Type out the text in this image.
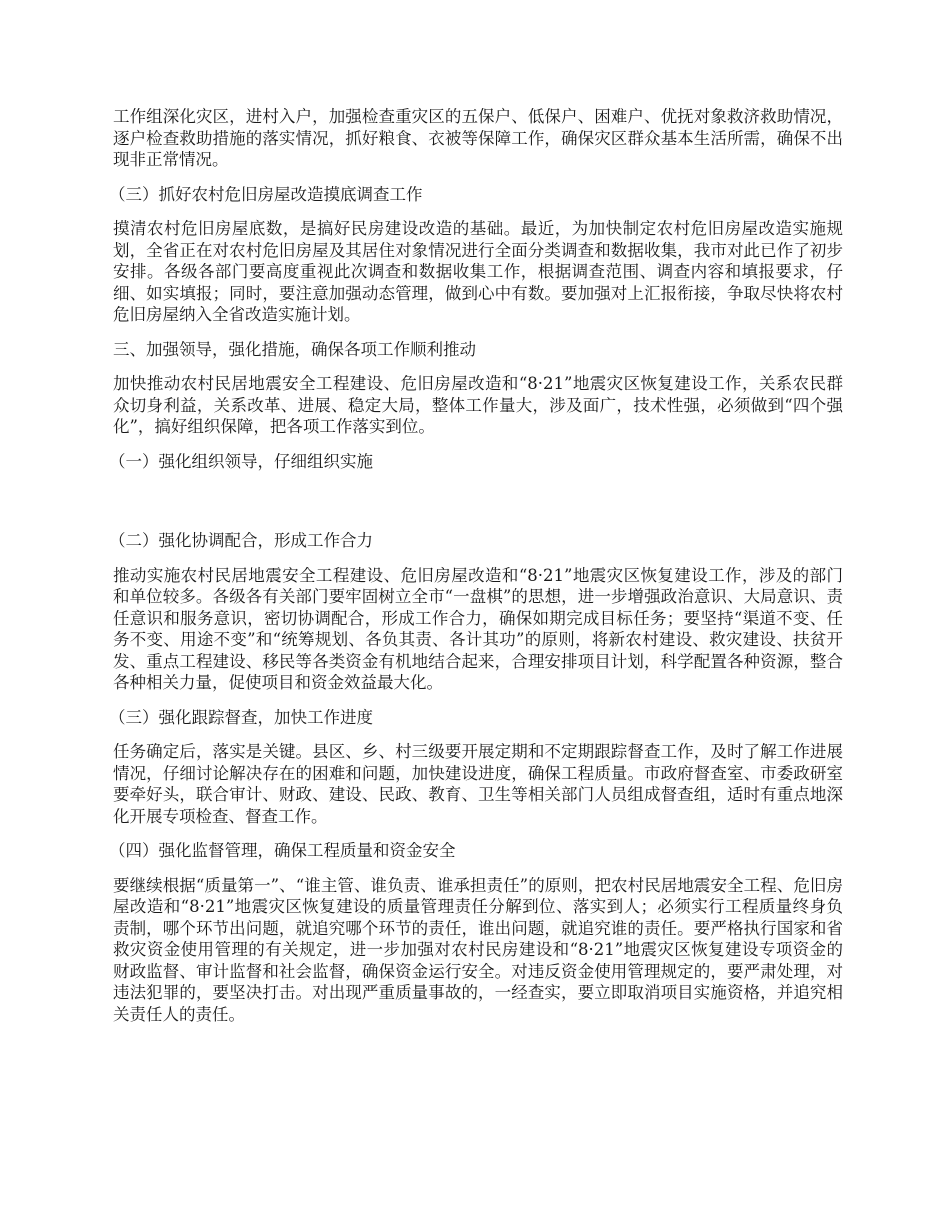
工作组深化灾区，进村入户，加强检查重灾区的五保户、低保户、困难户、优抚对象救济救助情况，逐户检查救助措施的落实情况，抓好粮食、衣被等保障工作，确保灾区群众基本生活所需，确保不出现非正常情况。

（三）抓好农村危旧房屋改造摸底调查工作

摸清农村危旧房屋底数，是搞好民房建设改造的基础。最近，为加快制定农村危旧房屋改造实施规划，全省正在对农村危旧房屋及其居住对象情况进行全面分类调查和数据收集，我市对此已作了初步安排。各级各部门要高度重视此次调查和数据收集工作，根据调查范围、调查内容和填报要求，仔细、如实填报；同时，要注意加强动态管理，做到心中有数。要加强对上汇报衔接，争取尽快将农村危旧房屋纳入全省改造实施计划。

三、加强领导，强化措施，确保各项工作顺利推动

加快推动农村民居地震安全工程建设、危旧房屋改造和“8·21”地震灾区恢复建设工作，关系农民群众切身利益，关系改革、进展、稳定大局，整体工作量大，涉及面广，技术性强，必须做到“四个强化”，搞好组织保障，把各项工作落实到位。

（一）强化组织领导，仔细组织实施

（二）强化协调配合，形成工作合力

推动实施农村民居地震安全工程建设、危旧房屋改造和“8·21”地震灾区恢复建设工作，涉及的部门和单位较多。各级各有关部门要牢固树立全市“一盘棋”的思想，进一步增强政治意识、大局意识、责任意识和服务意识，密切协调配合，形成工作合力，确保如期完成目标任务；要坚持“渠道不变、任务不变、用途不变”和“统筹规划、各负其责、各计其功”的原则，将新农村建设、救灾建设、扶贫开发、重点工程建设、移民等各类资金有机地结合起来，合理安排项目计划，科学配置各种资源，整合各种相关力量，促使项目和资金效益最大化。

（三）强化跟踪督查，加快工作进度

任务确定后，落实是关键。县区、乡、村三级要开展定期和不定期跟踪督查工作，及时了解工作进展情况，仔细讨论解决存在的困难和问题，加快建设进度，确保工程质量。市政府督查室、市委政研室要牵好头，联合审计、财政、建设、民政、教育、卫生等相关部门人员组成督查组，适时有重点地深化开展专项检查、督查工作。

（四）强化监督管理，确保工程质量和资金安全

要继续根据“质量第一”、“谁主管、谁负责、谁承担责任”的原则，把农村民居地震安全工程、危旧房屋改造和“8·21”地震灾区恢复建设的质量管理责任分解到位、落实到人；必须实行工程质量终身负责制，哪个环节出问题，就追究哪个环节的责任，谁出问题，就追究谁的责任。要严格执行国家和省救灾资金使用管理的有关规定，进一步加强对农村民房建设和“8·21”地震灾区恢复建设专项资金的财政监督、审计监督和社会监督，确保资金运行安全。对违反资金使用管理规定的，要严肃处理，对违法犯罪的，要坚决打击。对出现严重质量事故的，一经查实，要立即取消项目实施资格，并追究相关责任人的责任。
